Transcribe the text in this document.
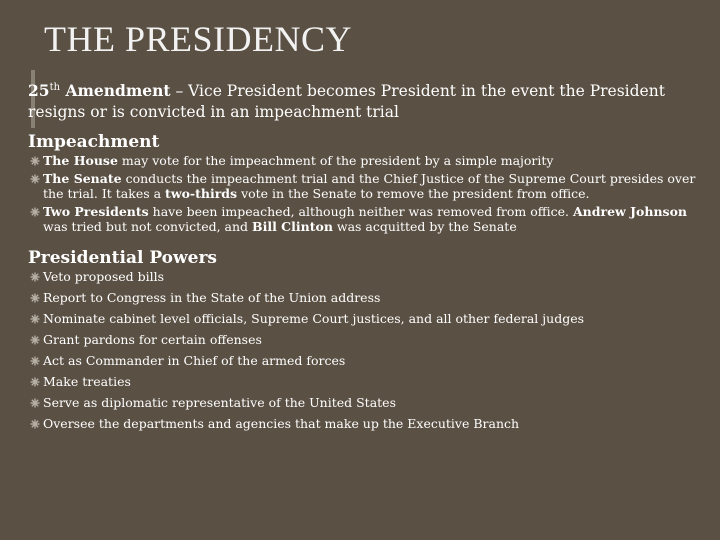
THE PRESIDENCY

25th Amendment – Vice President becomes President in the event the President resigns or is convicted in an impeachment trial

Impeachment

The House may vote for the impeachment of the president by a simple majority
The Senate conducts the impeachment trial and the Chief Justice of the Supreme Court presides over the trial. It takes a two-thirds vote in the Senate to remove the president from office.
Two Presidents have been impeached, although neither was removed from office. Andrew Johnson was tried but not convicted, and Bill Clinton was acquitted by the Senate

Presidential Powers

Veto proposed bills
Report to Congress in the State of the Union address
Nominate cabinet level officials, Supreme Court justices, and all other federal judges
Grant pardons for certain offenses
Act as Commander in Chief of the armed forces
Make treaties
Serve as diplomatic representative of the United States
Oversee the departments and agencies that make up the Executive Branch
